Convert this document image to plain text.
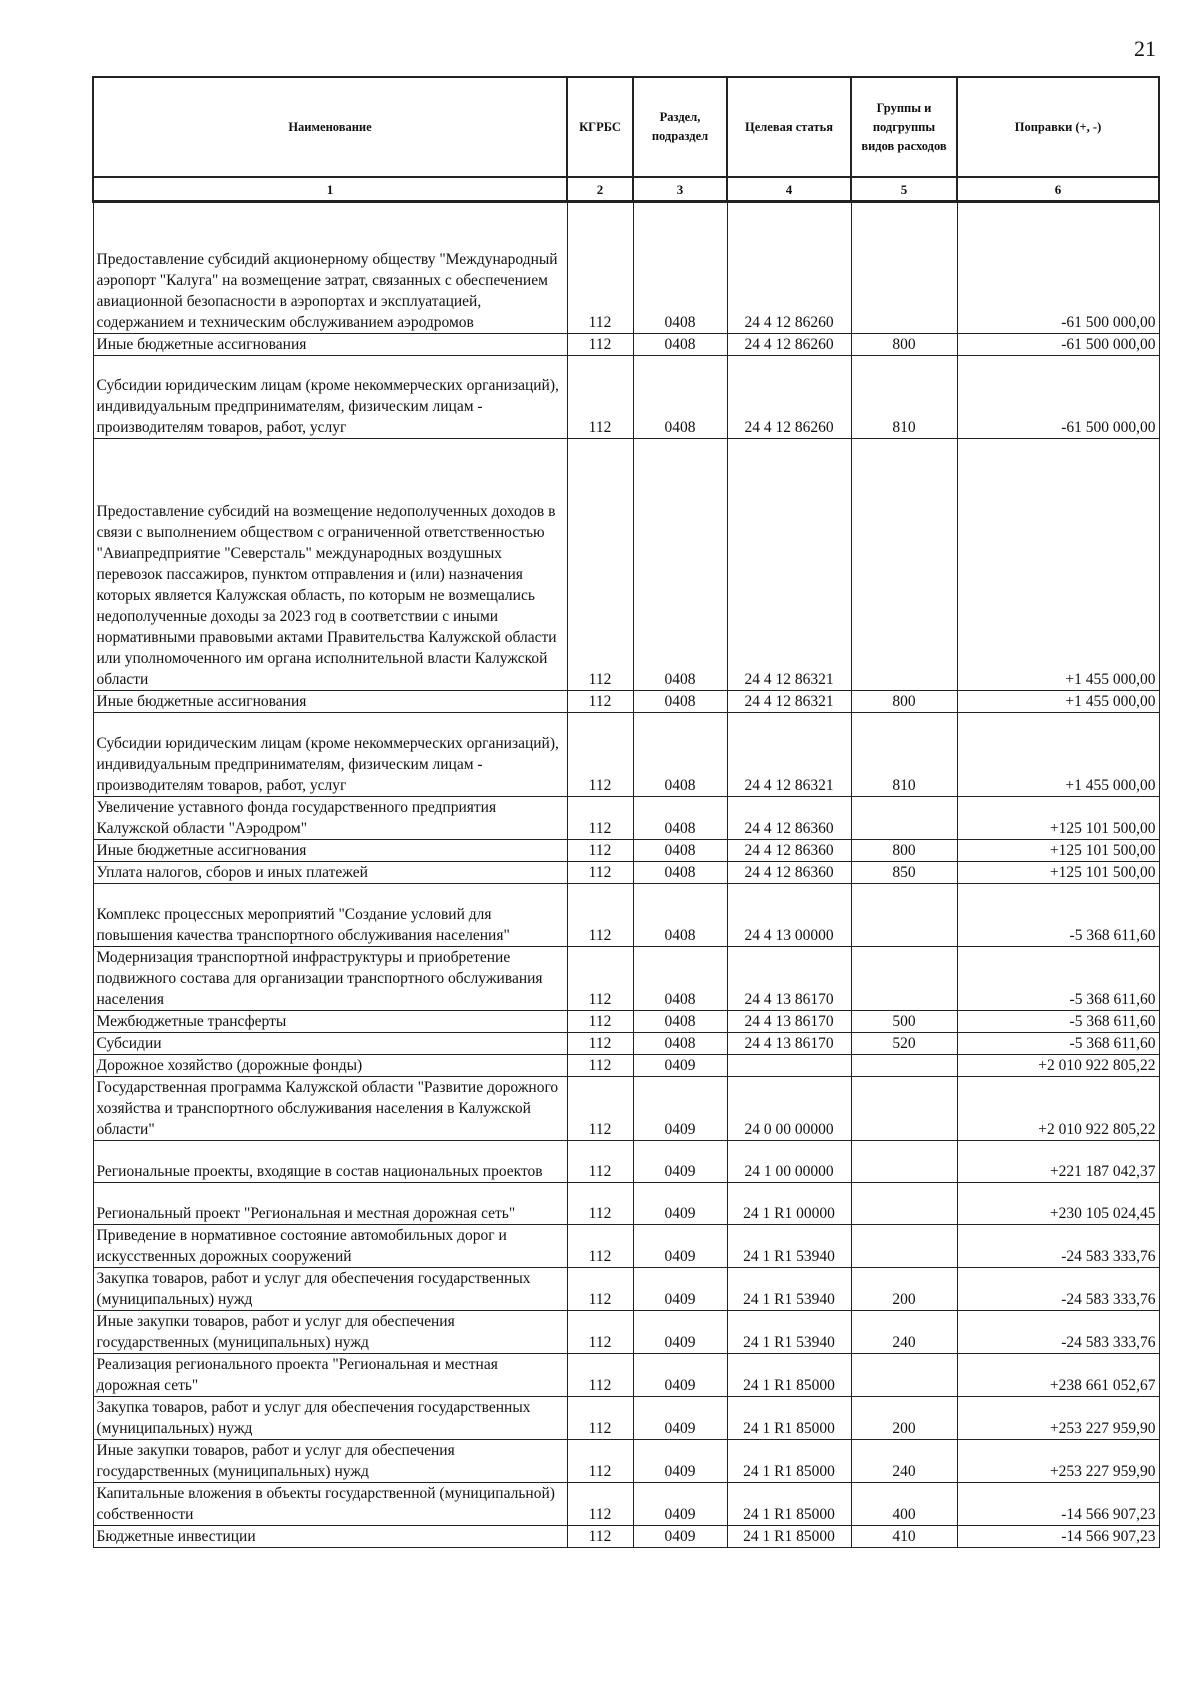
21
Наименование	КГРБС	Раздел, подраздел	Целевая статья	Группы и подгруппы видов расходов	Поправки (+, -)
1	2	3	4	5	6
Предоставление субсидий акционерному обществу "Международный аэропорт "Калуга" на возмещение затрат, связанных с обеспечением авиационной безопасности в аэропортах и эксплуатацией, содержанием и техническим обслуживанием аэродромов	112	0408	24 4 12 86260		-61 500 000,00
Иные бюджетные ассигнования	112	0408	24 4 12 86260	800	-61 500 000,00
Субсидии юридическим лицам (кроме некоммерческих организаций), индивидуальным предпринимателям, физическим лицам - производителям товаров, работ, услуг	112	0408	24 4 12 86260	810	-61 500 000,00
Предоставление субсидий на возмещение недополученных доходов в связи с выполнением обществом с ограниченной ответственностью "Авиапредприятие "Северсталь" международных воздушных перевозок пассажиров, пунктом отправления и (или) назначения которых является Калужская область, по которым не возмещались недополученные доходы за 2023 год в соответствии с иными нормативными правовыми актами Правительства Калужской области или уполномоченного им органа исполнительной власти Калужской области	112	0408	24 4 12 86321		+1 455 000,00
Иные бюджетные ассигнования	112	0408	24 4 12 86321	800	+1 455 000,00
Субсидии юридическим лицам (кроме некоммерческих организаций), индивидуальным предпринимателям, физическим лицам - производителям товаров, работ, услуг	112	0408	24 4 12 86321	810	+1 455 000,00
Увеличение уставного фонда государственного предприятия Калужской области "Аэродром"	112	0408	24 4 12 86360		+125 101 500,00
Иные бюджетные ассигнования	112	0408	24 4 12 86360	800	+125 101 500,00
Уплата налогов, сборов и иных платежей	112	0408	24 4 12 86360	850	+125 101 500,00
Комплекс процессных мероприятий "Создание условий для повышения качества транспортного обслуживания населения"	112	0408	24 4 13 00000		-5 368 611,60
Модернизация транспортной инфраструктуры и приобретение подвижного состава для организации транспортного обслуживания населения	112	0408	24 4 13 86170		-5 368 611,60
Межбюджетные трансферты	112	0408	24 4 13 86170	500	-5 368 611,60
Субсидии	112	0408	24 4 13 86170	520	-5 368 611,60
Дорожное хозяйство (дорожные фонды)	112	0409			+2 010 922 805,22
Государственная программа Калужской области "Развитие дорожного хозяйства и транспортного обслуживания населения в Калужской области"	112	0409	24 0 00 00000		+2 010 922 805,22
Региональные проекты, входящие в состав национальных проектов	112	0409	24 1 00 00000		+221 187 042,37
Региональный проект "Региональная и местная дорожная сеть"	112	0409	24 1 R1 00000		+230 105 024,45
Приведение в нормативное состояние автомобильных дорог и искусственных дорожных сооружений	112	0409	24 1 R1 53940		-24 583 333,76
Закупка товаров, работ и услуг для обеспечения государственных (муниципальных) нужд	112	0409	24 1 R1 53940	200	-24 583 333,76
Иные закупки товаров, работ и услуг для обеспечения государственных (муниципальных) нужд	112	0409	24 1 R1 53940	240	-24 583 333,76
Реализация регионального проекта "Региональная и местная дорожная сеть"	112	0409	24 1 R1 85000		+238 661 052,67
Закупка товаров, работ и услуг для обеспечения государственных (муниципальных) нужд	112	0409	24 1 R1 85000	200	+253 227 959,90
Иные закупки товаров, работ и услуг для обеспечения государственных (муниципальных) нужд	112	0409	24 1 R1 85000	240	+253 227 959,90
Капитальные вложения в объекты государственной (муниципальной) собственности	112	0409	24 1 R1 85000	400	-14 566 907,23
Бюджетные инвестиции	112	0409	24 1 R1 85000	410	-14 566 907,23
